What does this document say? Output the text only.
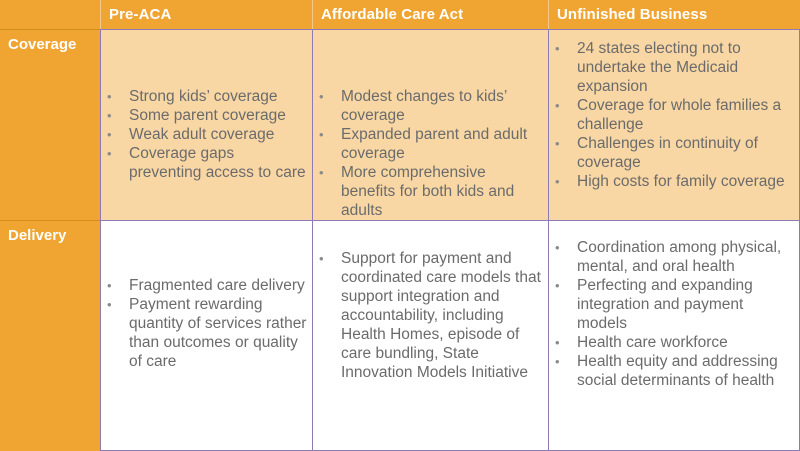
Pre-ACA	Affordable Care Act	Unfinished Business
Coverage
• Strong kids’ coverage
• Some parent coverage
• Weak adult coverage
• Coverage gaps preventing access to care
• Modest changes to kids’ coverage
• Expanded parent and adult coverage
• More comprehensive benefits for both kids and adults
• 24 states electing not to undertake the Medicaid expansion
• Coverage for whole families a challenge
• Challenges in continuity of coverage
• High costs for family coverage
Delivery
• Fragmented care delivery
• Payment rewarding quantity of services rather than outcomes or quality of care
• Support for payment and coordinated care models that support integration and accountability, including Health Homes, episode of care bundling, State Innovation Models Initiative
• Coordination among physical, mental, and oral health
• Perfecting and expanding integration and payment models
• Health care workforce
• Health equity and addressing social determinants of health
